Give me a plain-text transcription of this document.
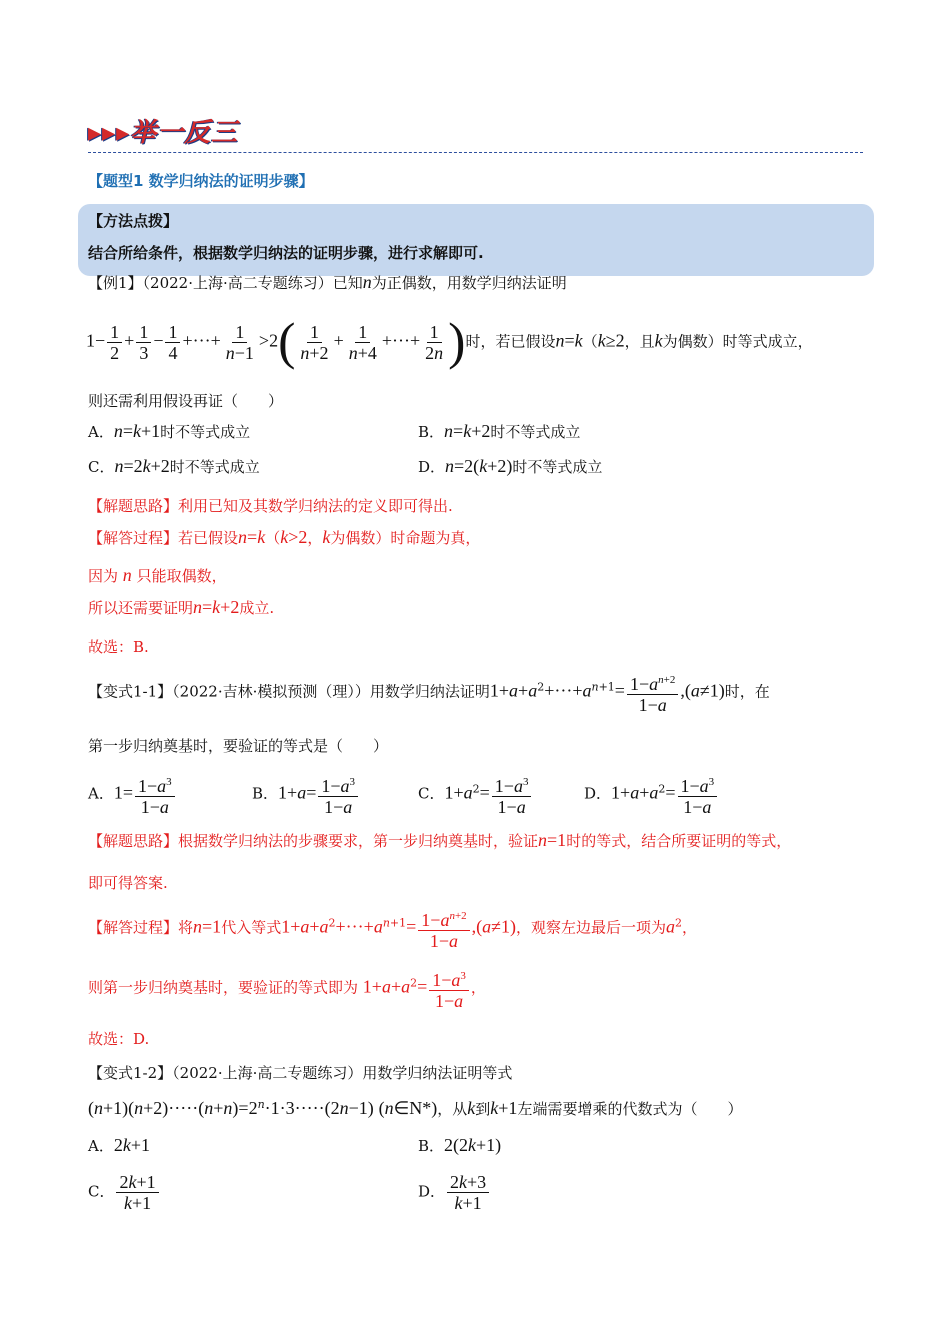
▸▸▸举一反三
【题型1 数学归纳法的证明步骤】
【方法点拨】
结合所给条件，根据数学归纳法的证明步骤，进行求解即可.
【例1】（2022·上海·高二专题练习）已知n为正偶数，用数学归纳法证明
$1- \frac{1}{2} + \frac{1}{3} - \frac{1}{4}$ +···+ $\frac{1}{n-1} >2( \frac{1}{n+2} + \frac{1}{n+4}$ +···+ $\frac{1}{2n}$ )时，若已假设n=k（k≥2，且k为偶数）时等式成立，
则还需利用假设再证（　　）
A．n=k+1时不等式成立	B．n=k+2时不等式成立
C．n=2k+2时不等式成立	D．n=2(k+2)时不等式成立
【解题思路】利用已知及其数学归纳法的定义即可得出.
【解答过程】若已假设n=k（k>2，k为偶数）时命题为真，
因为 n 只能取偶数，
所以还需要证明n=k+2成立.
故选：B.
【变式1-1】（2022·吉林·模拟预测（理））用数学归纳法证明$1+a+a^2+\cdot\cdot\cdot+a^{n+1}= \frac{1-a^{n+2}}{1-a} ,(a\ne 1)$时，在
第一步归纳奠基时，要验证的等式是（　　）
A．$1= \frac{1-a^3}{1-a}$	B．$1+a= \frac{1-a^3}{1-a}$	C．$1+a^2= \frac{1-a^3}{1-a}$	D．$1+a+a^2= \frac{1-a^3}{1-a}$
【解题思路】根据数学归纳法的步骤要求，第一步归纳奠基时，验证n=1时的等式，结合所要证明的等式，
即可得答案.
【解答过程】将n=1代入等式$1+a+a^2+\cdot\cdot\cdot+a^{n+1}= \frac{1-a^{n+2}}{1-a} ,(a\ne 1)$，观察左边最后一项为$a^2$，
则第一步归纳奠基时，要验证的等式即为 $1+a+a^2= \frac{1-a^3}{1-a}$ ，
故选：D.
【变式1-2】（2022·上海·高二专题练习）用数学归纳法证明等式
$(n+1)(n+2)\cdot\cdot\cdot\cdot\cdot(n+n)=2^n\cdot 1\cdot 3\cdot\cdot\cdot\cdot\cdot(2n-1)$ (n∈N*)，从k到k+1左端需要增乘的代数式为（　　）
A．2k+1	B．2(2k+1)
C． $\frac{2k+1}{k+1}$	D． $\frac{2k+3}{k+1}$
